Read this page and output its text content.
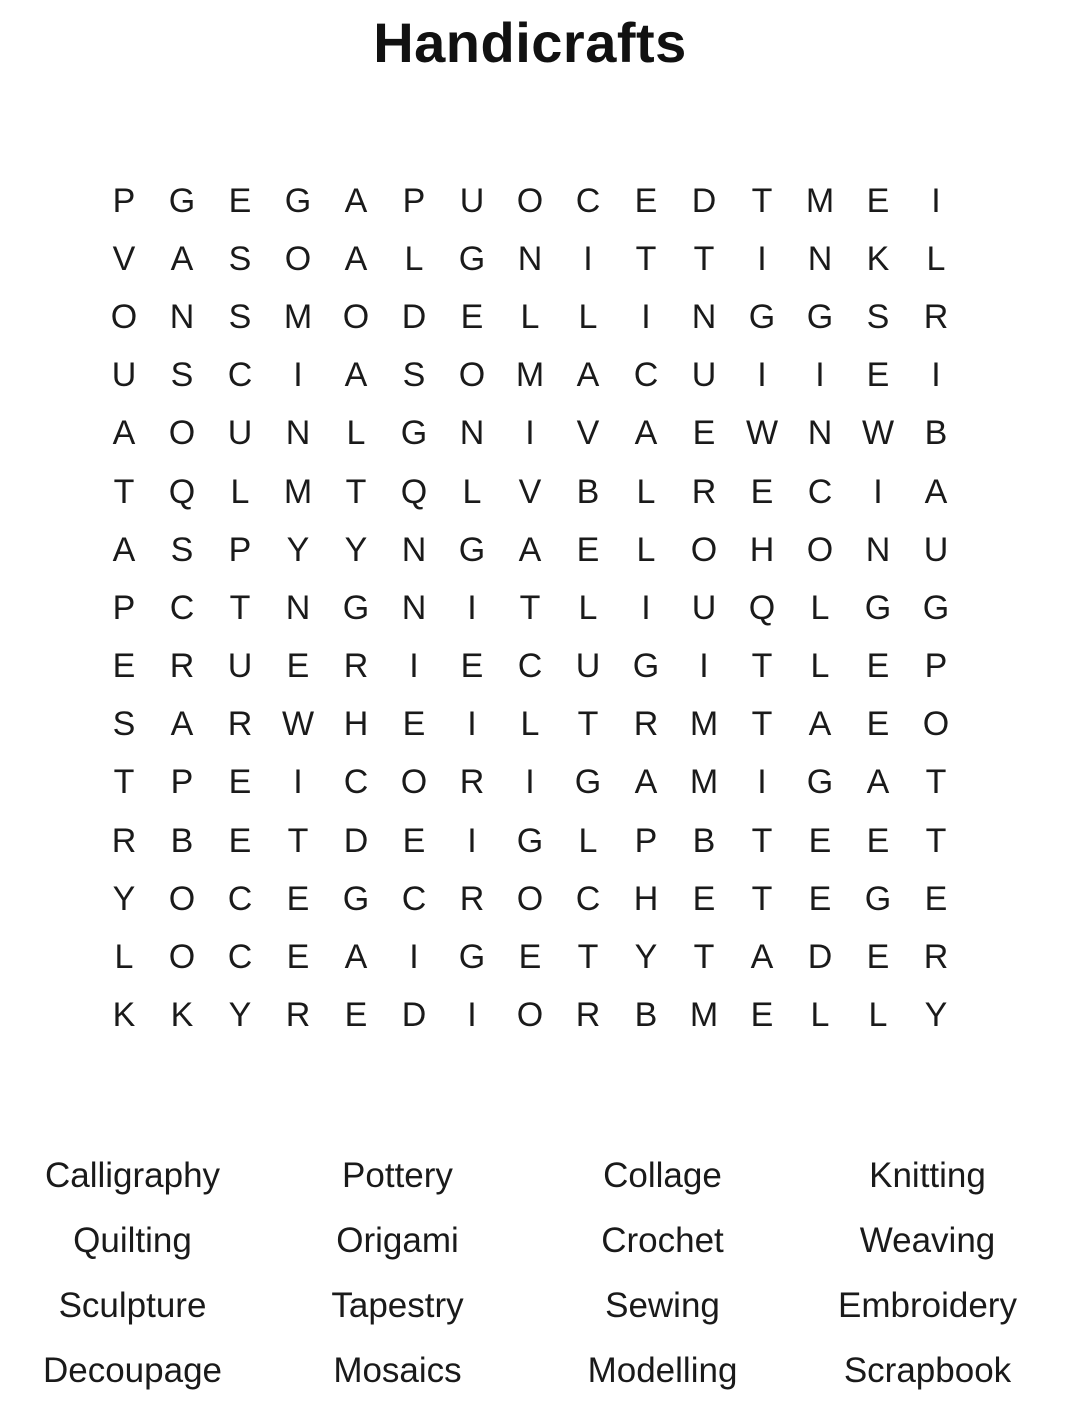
Handicrafts
P G E G A	P	U O C	E	D	T M E	I
V	A	S O A	L	G N	I	T	T	I	N	K	L
O N	S M O D	E	L	L	I	N G G S	R
U	S	C	I	A	S O M A	C U	I	I	E	I
A O U N	L	G N	I	V	A	E W N W B
T	Q	L	M T	Q	L	V	B	L	R	E	C	I	A
A	S	P	Y	Y	N G A	E	L	O H O N U
P	C	T	N G N	I	T	L	I	U Q	L	G G
E	R U	E	R	I	E	C U G	I	T	L	E	P
S	A	R W H	E	I	L	T	R M T	A	E O
T	P	E	I	C O R	I	G A M	I	G A	T
R	B	E	T	D	E	I	G	L	P	B	T	E	E	T
Y O C	E G C R O C H	E	T	E G E
L	O C	E	A	I	G E	T	Y	T	A	D	E	R
K	K	Y	R	E	D	I	O R	B M E	L	L	Y
Calligraphy	Pottery	Collage	Knitting
Quilting	Origami	Crochet	Weaving
Sculpture	Tapestry	Sewing	Embroidery
Decoupage	Mosaics	Modelling	Scrapbook
